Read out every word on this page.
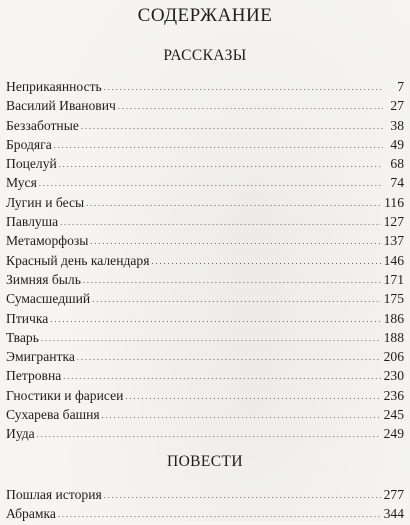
СОДЕРЖАНИЕ
РАССКАЗЫ
Неприкаянность . . .	7
Василий Иванович . . .	27
Беззаботные . . .	38
Бродяга . . .	49
Поцелуй . . .	68
Муся . . .	74
Лугин и бесы . . .	116
Павлуша . . .	127
Метаморфозы . . .	137
Красный день календаря . . .	146
Зимняя быль . . .	171
Сумасшедший . . .	175
Птичка . . .	186
Тварь . . .	188
Эмигрантка . . .	206
Петровна . . .	230
Гностики и фарисеи . . .	236
Сухарева башня . . .	245
Иуда . . .	249
ПОВЕСТИ
Пошлая история . . .	277
Абрамка . . .	344
